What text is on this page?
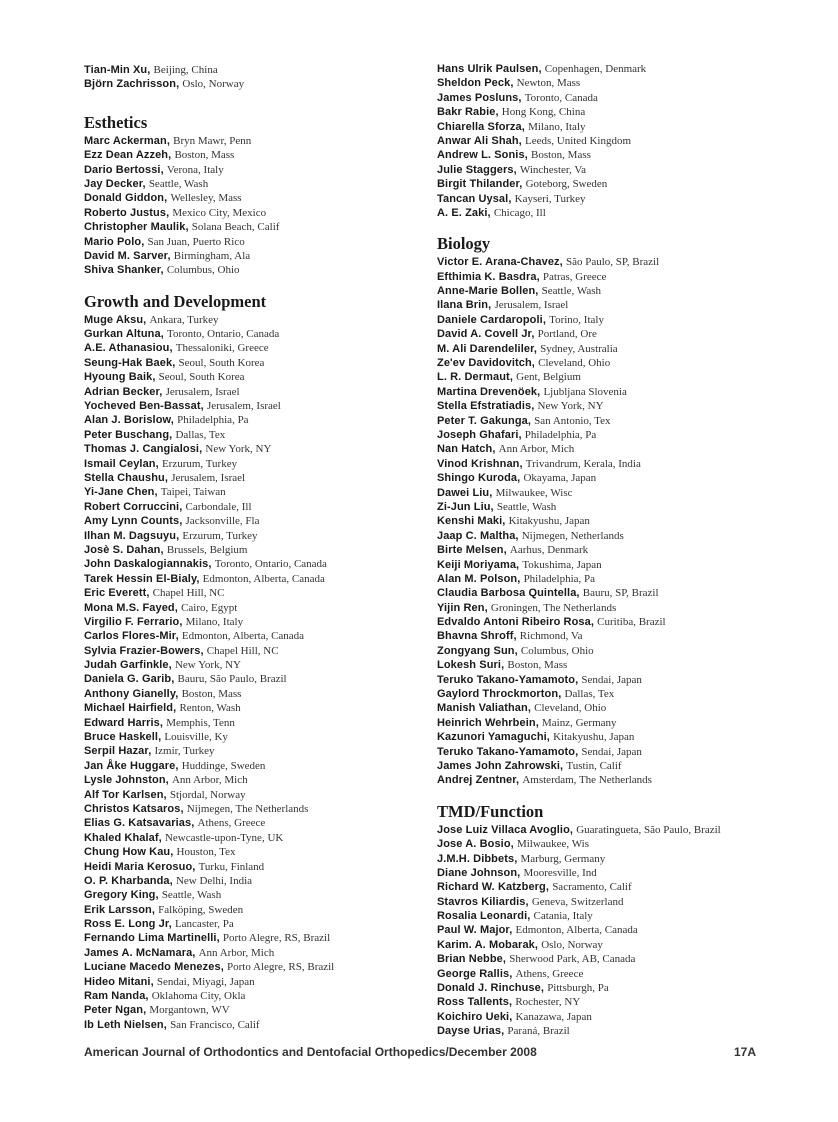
Tian-Min Xu, Beijing, China
Björn Zachrisson, Oslo, Norway
Esthetics
Marc Ackerman, Bryn Mawr, Penn
Ezz Dean Azzeh, Boston, Mass
Dario Bertossi, Verona, Italy
Jay Decker, Seattle, Wash
Donald Giddon, Wellesley, Mass
Roberto Justus, Mexico City, Mexico
Christopher Maulik, Solana Beach, Calif
Mario Polo, San Juan, Puerto Rico
David M. Sarver, Birmingham, Ala
Shiva Shanker, Columbus, Ohio
Growth and Development
Muge Aksu, Ankara, Turkey
Gurkan Altuna, Toronto, Ontario, Canada
A.E. Athanasiou, Thessaloniki, Greece
Seung-Hak Baek, Seoul, South Korea
Hyoung Baik, Seoul, South Korea
Adrian Becker, Jerusalem, Israel
Yocheved Ben-Bassat, Jerusalem, Israel
Alan J. Borislow, Philadelphia, Pa
Peter Buschang, Dallas, Tex
Thomas J. Cangialosi, New York, NY
Ismail Ceylan, Erzurum, Turkey
Stella Chaushu, Jerusalem, Israel
Yi-Jane Chen, Taipei, Taiwan
Robert Corruccini, Carbondale, Ill
Amy Lynn Counts, Jacksonville, Fla
Ilhan M. Dagsuyu, Erzurum, Turkey
Josè S. Dahan, Brussels, Belgium
John Daskalogiannakis, Toronto, Ontario, Canada
Tarek Hessin El-Bialy, Edmonton, Alberta, Canada
Eric Everett, Chapel Hill, NC
Mona M.S. Fayed, Cairo, Egypt
Virgilio F. Ferrario, Milano, Italy
Carlos Flores-Mir, Edmonton, Alberta, Canada
Sylvia Frazier-Bowers, Chapel Hill, NC
Judah Garfinkle, New York, NY
Daniela G. Garib, Bauru, São Paulo, Brazil
Anthony Gianelly, Boston, Mass
Michael Hairfield, Renton, Wash
Edward Harris, Memphis, Tenn
Bruce Haskell, Louisville, Ky
Serpil Hazar, Izmir, Turkey
Jan Åke Huggare, Huddinge, Sweden
Lysle Johnston, Ann Arbor, Mich
Alf Tor Karlsen, Stjordal, Norway
Christos Katsaros, Nijmegen, The Netherlands
Elias G. Katsavarias, Athens, Greece
Khaled Khalaf, Newcastle-upon-Tyne, UK
Chung How Kau, Houston, Tex
Heidi Maria Kerosuo, Turku, Finland
O. P. Kharbanda, New Delhi, India
Gregory King, Seattle, Wash
Erik Larsson, Falköping, Sweden
Ross E. Long Jr, Lancaster, Pa
Fernando Lima Martinelli, Porto Alegre, RS, Brazil
James A. McNamara, Ann Arbor, Mich
Luciane Macedo Menezes, Porto Alegre, RS, Brazil
Hideo Mitani, Sendai, Miyagi, Japan
Ram Nanda, Oklahoma City, Okla
Peter Ngan, Morgantown, WV
Ib Leth Nielsen, San Francisco, Calif
Hans Ulrik Paulsen, Copenhagen, Denmark
Sheldon Peck, Newton, Mass
James Posluns, Toronto, Canada
Bakr Rabie, Hong Kong, China
Chiarella Sforza, Milano, Italy
Anwar Ali Shah, Leeds, United Kingdom
Andrew L. Sonis, Boston, Mass
Julie Staggers, Winchester, Va
Birgit Thilander, Goteborg, Sweden
Tancan Uysal, Kayseri, Turkey
A. E. Zaki, Chicago, Ill
Biology
Victor E. Arana-Chavez, São Paulo, SP, Brazil
Efthimia K. Basdra, Patras, Greece
Anne-Marie Bollen, Seattle, Wash
Ilana Brin, Jerusalem, Israel
Daniele Cardaropoli, Torino, Italy
David A. Covell Jr, Portland, Ore
M. Ali Darendeliler, Sydney, Australia
Ze'ev Davidovitch, Cleveland, Ohio
L. R. Dermaut, Gent, Belgium
Martina Drevenöek, Ljubljana Slovenia
Stella Efstratiadis, New York, NY
Peter T. Gakunga, San Antonio, Tex
Joseph Ghafari, Philadelphia, Pa
Nan Hatch, Ann Arbor, Mich
Vinod Krishnan, Trivandrum, Kerala, India
Shingo Kuroda, Okayama, Japan
Dawei Liu, Milwaukee, Wisc
Zi-Jun Liu, Seattle, Wash
Kenshi Maki, Kitakyushu, Japan
Jaap C. Maltha, Nijmegen, Netherlands
Birte Melsen, Aarhus, Denmark
Keiji Moriyama, Tokushima, Japan
Alan M. Polson, Philadelphia, Pa
Claudia Barbosa Quintella, Bauru, SP, Brazil
Yijin Ren, Groningen, The Netherlands
Edvaldo Antoni Ribeiro Rosa, Curitiba, Brazil
Bhavna Shroff, Richmond, Va
Zongyang Sun, Columbus, Ohio
Lokesh Suri, Boston, Mass
Teruko Takano-Yamamoto, Sendai, Japan
Gaylord Throckmorton, Dallas, Tex
Manish Valiathan, Cleveland, Ohio
Heinrich Wehrbein, Mainz, Germany
Kazunori Yamaguchi, Kitakyushu, Japan
Teruko Takano-Yamamoto, Sendai, Japan
James John Zahrowski, Tustin, Calif
Andrej Zentner, Amsterdam, The Netherlands
TMD/Function
Jose Luiz Villaca Avoglio, Guaratingueta, São Paulo, Brazil
Jose A. Bosio, Milwaukee, Wis
J.M.H. Dibbets, Marburg, Germany
Diane Johnson, Mooresville, Ind
Richard W. Katzberg, Sacramento, Calif
Stavros Kiliardis, Geneva, Switzerland
Rosalia Leonardi, Catania, Italy
Paul W. Major, Edmonton, Alberta, Canada
Karim. A. Mobarak, Oslo, Norway
Brian Nebbe, Sherwood Park, AB, Canada
George Rallis, Athens, Greece
Donald J. Rinchuse, Pittsburgh, Pa
Ross Tallents, Rochester, NY
Koichiro Ueki, Kanazawa, Japan
Dayse Urias, Paraná, Brazil
American Journal of Orthodontics and Dentofacial Orthopedics/December 2008	17A
